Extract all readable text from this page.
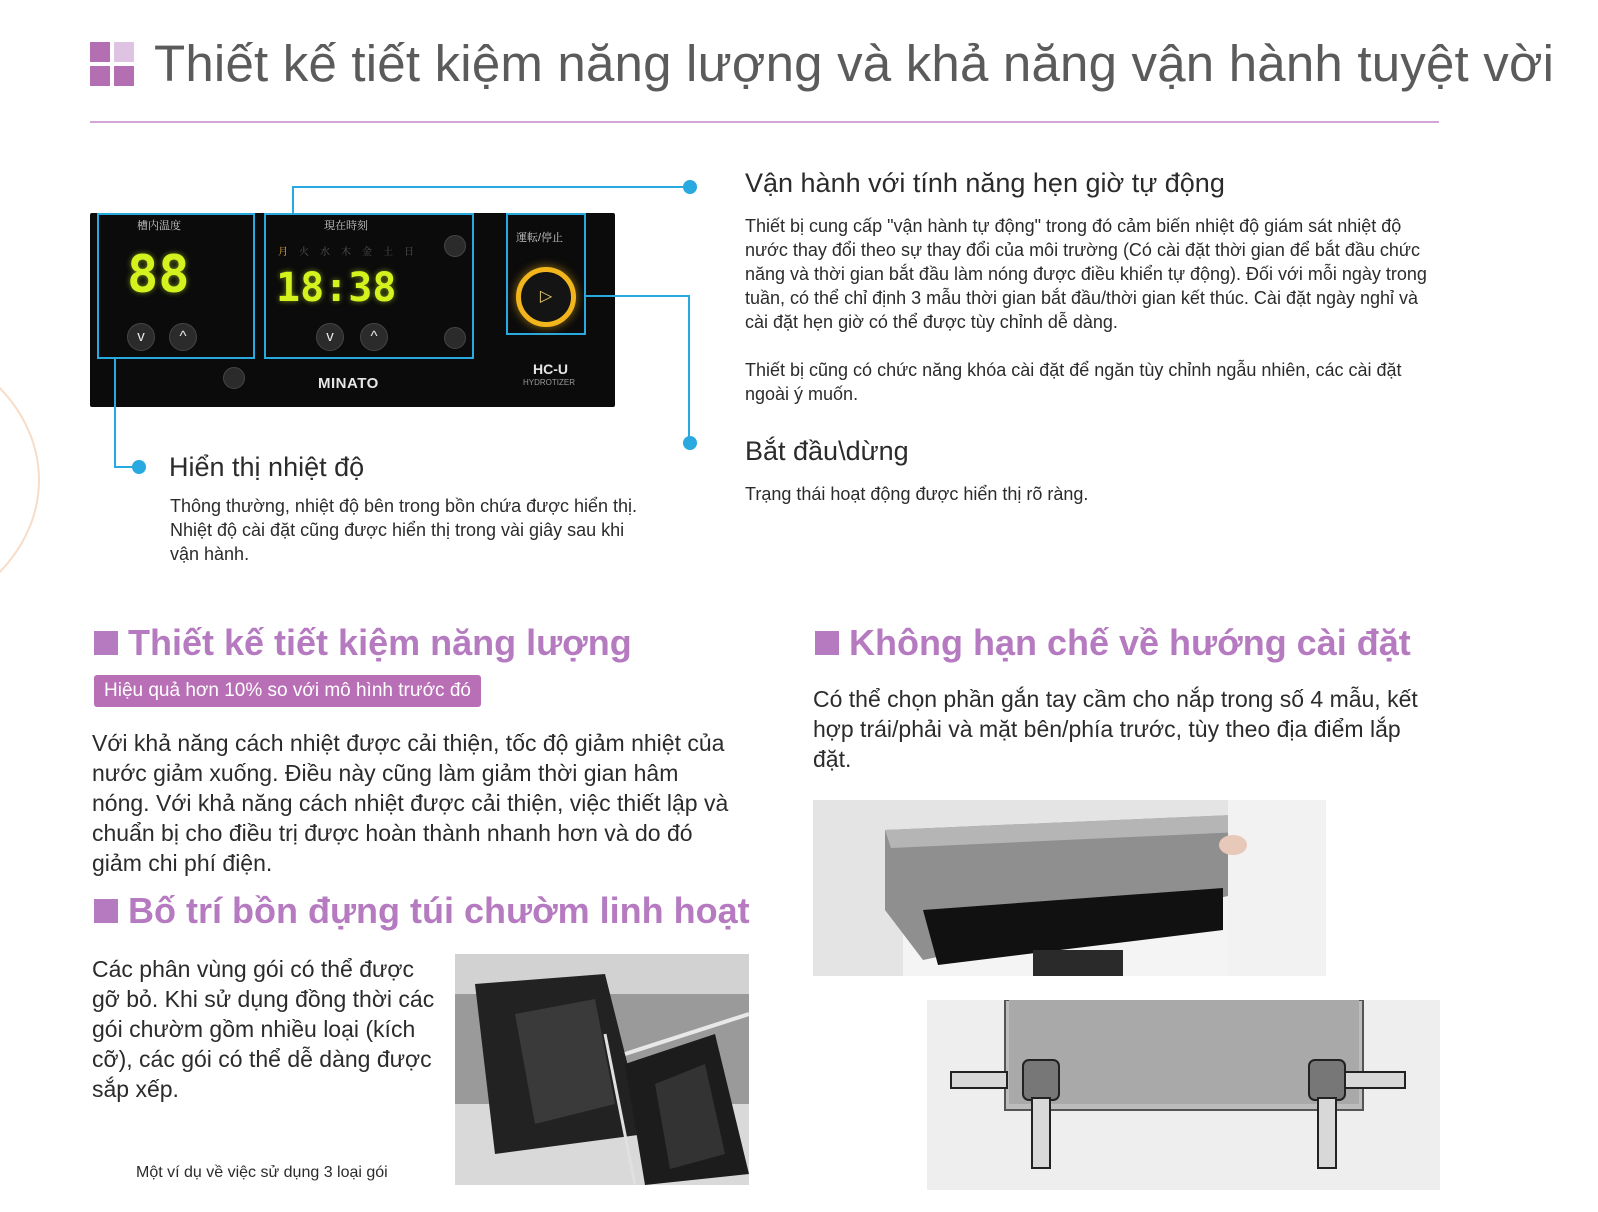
Thiết kế tiết kiệm năng lượng và khả năng vận hành tuyệt vời
槽内温度
88
v	^
現在時刻
月 火 水 木 金 土 日
18:38
v	^
運転/停止
▷
MINATO
HC-U
HYDROTIZER
Vận hành với tính năng hẹn giờ tự động

Thiết bị cung cấp "vận hành tự động" trong đó cảm biến nhiệt độ giám sát nhiệt độ nước thay đổi theo sự thay đổi của môi trường (Có cài đặt thời gian để bắt đầu chức năng và thời gian bắt đầu làm nóng được điều khiển tự động). Đối với mỗi ngày trong tuần, có thể chỉ định 3 mẫu thời gian bắt đầu/thời gian kết thúc. Cài đặt ngày nghỉ và cài đặt hẹn giờ có thể được tùy chỉnh dễ dàng.

Thiết bị cũng có chức năng khóa cài đặt để ngăn tùy chỉnh ngẫu nhiên, các cài đặt ngoài ý muốn.

Bắt đầu\dừng

Trạng thái hoạt động được hiển thị rõ ràng.

Hiển thị nhiệt độ

Thông thường, nhiệt độ bên trong bồn chứa được hiển thị. Nhiệt độ cài đặt cũng được hiển thị trong vài giây sau khi vận hành.

Thiết kế tiết kiệm năng lượng
Hiệu quả hơn 10% so với mô hình trước đó

Với khả năng cách nhiệt được cải thiện, tốc độ giảm nhiệt của nước giảm xuống. Điều này cũng làm giảm thời gian hâm nóng. Với khả năng cách nhiệt được cải thiện, việc thiết lập và chuẩn bị cho điều trị được hoàn thành nhanh hơn và do đó giảm chi phí điện.

Bố trí bồn đựng túi chườm linh hoạt

Các phân vùng gói có thể được gỡ bỏ. Khi sử dụng đồng thời các gói chườm gồm nhiều loại (kích cỡ), các gói có thể dễ dàng được sắp xếp.

Một ví dụ về việc sử dụng 3 loại gói
Không hạn chế về hướng cài đặt

Có thể chọn phần gắn tay cầm cho nắp trong số 4 mẫu, kết hợp trái/phải và mặt bên/phía trước, tùy theo địa điểm lắp đặt.
